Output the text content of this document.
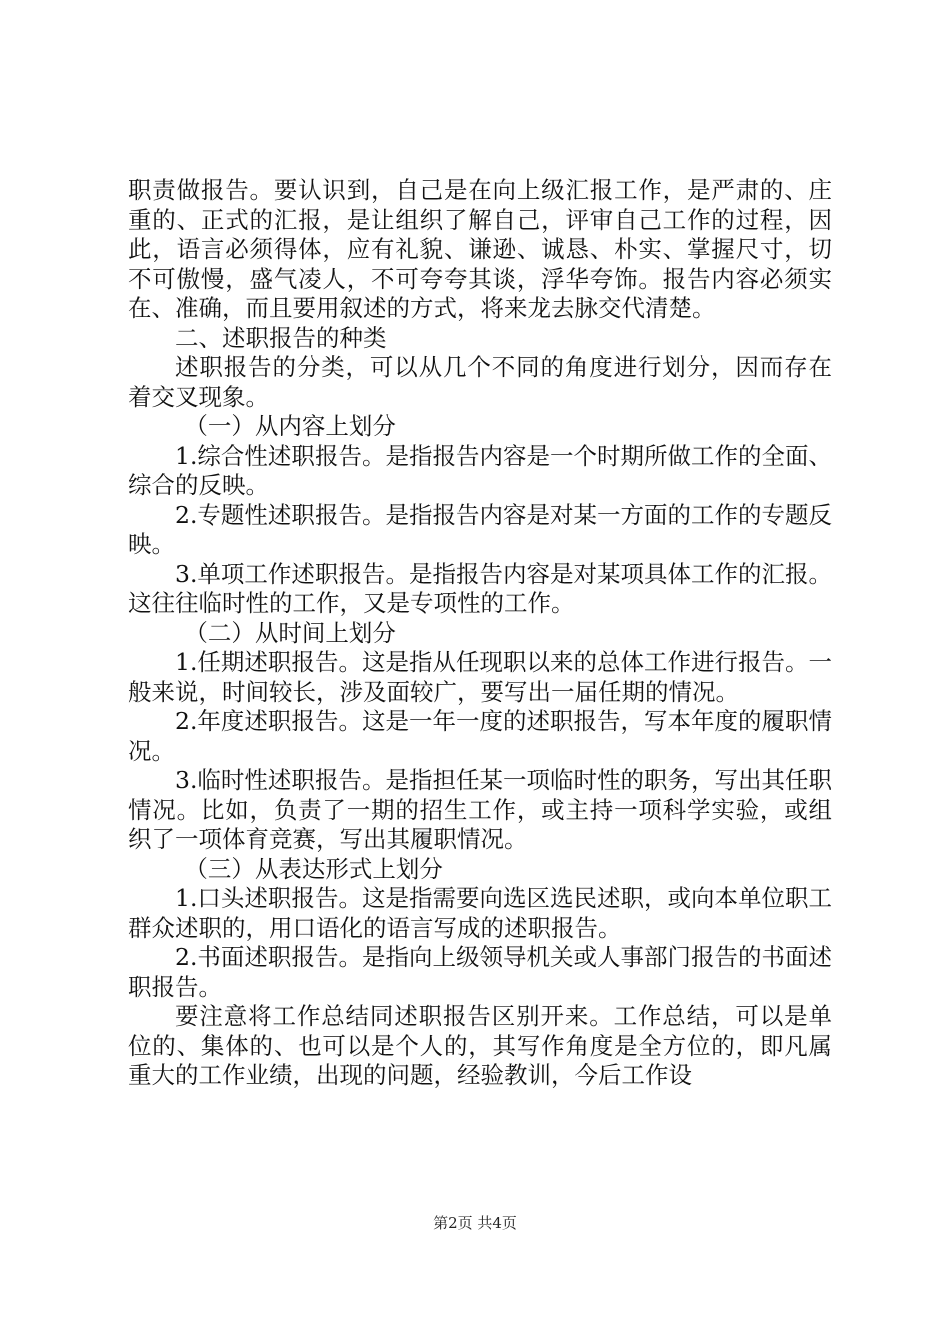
职责做报告。要认识到，自己是在向上级汇报工作，是严肃的、庄重的、正式的汇报，是让组织了解自己，评审自己工作的过程，因此，语言必须得体，应有礼貌、谦逊、诚恳、朴实、掌握尺寸，切不可傲慢，盛气凌人，不可夸夸其谈，浮华夸饰。报告内容必须实在、准确，而且要用叙述的方式，将来龙去脉交代清楚。

二、述职报告的种类

述职报告的分类，可以从几个不同的角度进行划分，因而存在着交叉现象。

（一）从内容上划分

1.综合性述职报告。是指报告内容是一个时期所做工作的全面、综合的反映。

2.专题性述职报告。是指报告内容是对某一方面的工作的专题反映。

3.单项工作述职报告。是指报告内容是对某项具体工作的汇报。这往往临时性的工作，又是专项性的工作。

（二）从时间上划分

1.任期述职报告。这是指从任现职以来的总体工作进行报告。一般来说，时间较长，涉及面较广，要写出一届任期的情况。

2.年度述职报告。这是一年一度的述职报告，写本年度的履职情况。

3.临时性述职报告。是指担任某一项临时性的职务，写出其任职情况。比如，负责了一期的招生工作，或主持一项科学实验，或组织了一项体育竞赛，写出其履职情况。

（三）从表达形式上划分

1.口头述职报告。这是指需要向选区选民述职，或向本单位职工群众述职的，用口语化的语言写成的述职报告。

2.书面述职报告。是指向上级领导机关或人事部门报告的书面述职报告。

要注意将工作总结同述职报告区别开来。工作总结，可以是单位的、集体的、也可以是个人的，其写作角度是全方位的，即凡属重大的工作业绩，出现的问题，经验教训，今后工作设

第2页 共4页
